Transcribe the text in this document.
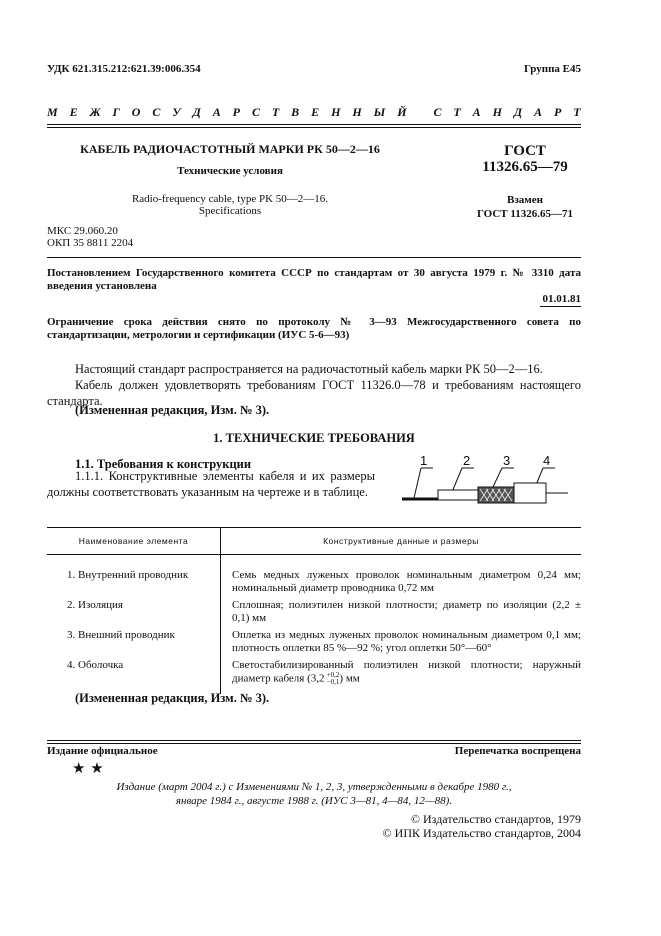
УДК 621.315.212:621.39:006.354	Группа Е45
М Е Ж Г О С У Д А Р С Т В Е Н Н Ы Й
С Т А Н Д А Р Т
КАБЕЛЬ РАДИОЧАСТОТНЫЙ МАРКИ РК 50—2—16
Технические условия
Radio-frequency cable, type PK 50—2—16.
Specifications
ГОСТ
11326.65—79
Взамен
ГОСТ 11326.65—71
МКС 29.060.20
ОКП 35 8811 2204
Постановлением Государственного комитета СССР по стандартам от 30 августа 1979 г. № 3310 дата введения установлена
01.01.81
Ограничение срока действия снято по протоколу № 3—93 Межгосударственного совета по стандартизации, метрологии и сертификации (ИУС 5-6—93)
Настоящий стандарт распространяется на радиочастотный кабель марки РК 50—2—16.
Кабель должен удовлетворять требованиям ГОСТ 11326.0—78 и требованиям настоящего стандарта.
(Измененная редакция, Изм. № 3).
1. ТЕХНИЧЕСКИЕ ТРЕБОВАНИЯ
1.1. Требования к конструкции
1.1.1. Конструктивные элементы кабеля и их размеры должны соответствовать указанным на чертеже и в таблице.
1	2	3	4
Наименование элемента	Конструктивные данные и размеры

1. Внутренний проводник	Семь медных луженых проволок номинальным диаметром 0,24 мм; номинальный диаметр проводника 0,72 мм

2. Изоляция	Сплошная; полиэтилен низкой плотности; диаметр по изоляции (2,2 ± 0,1) мм

3. Внешний проводник	Оплетка из медных луженых проволок номинальным диаметром 0,1 мм; плотность оплетки 85 %—92 %; угол оплетки 50°—60°

4. Оболочка	Светостабилизированный полиэтилен низкой плотности; наружный диаметр кабеля (3,2  +0,2
−0,1) мм
(Измененная редакция, Изм. № 3).
Издание официальное	Перепечатка воспрещена
★ ★
Издание (март 2004 г.) с Изменениями № 1, 2, 3, утвержденными в декабре 1980 г.,
январе 1984 г., августе 1988 г. (ИУС 3—81, 4—84, 12—88).
© Издательство стандартов, 1979
© ИПК Издательство стандартов, 2004
